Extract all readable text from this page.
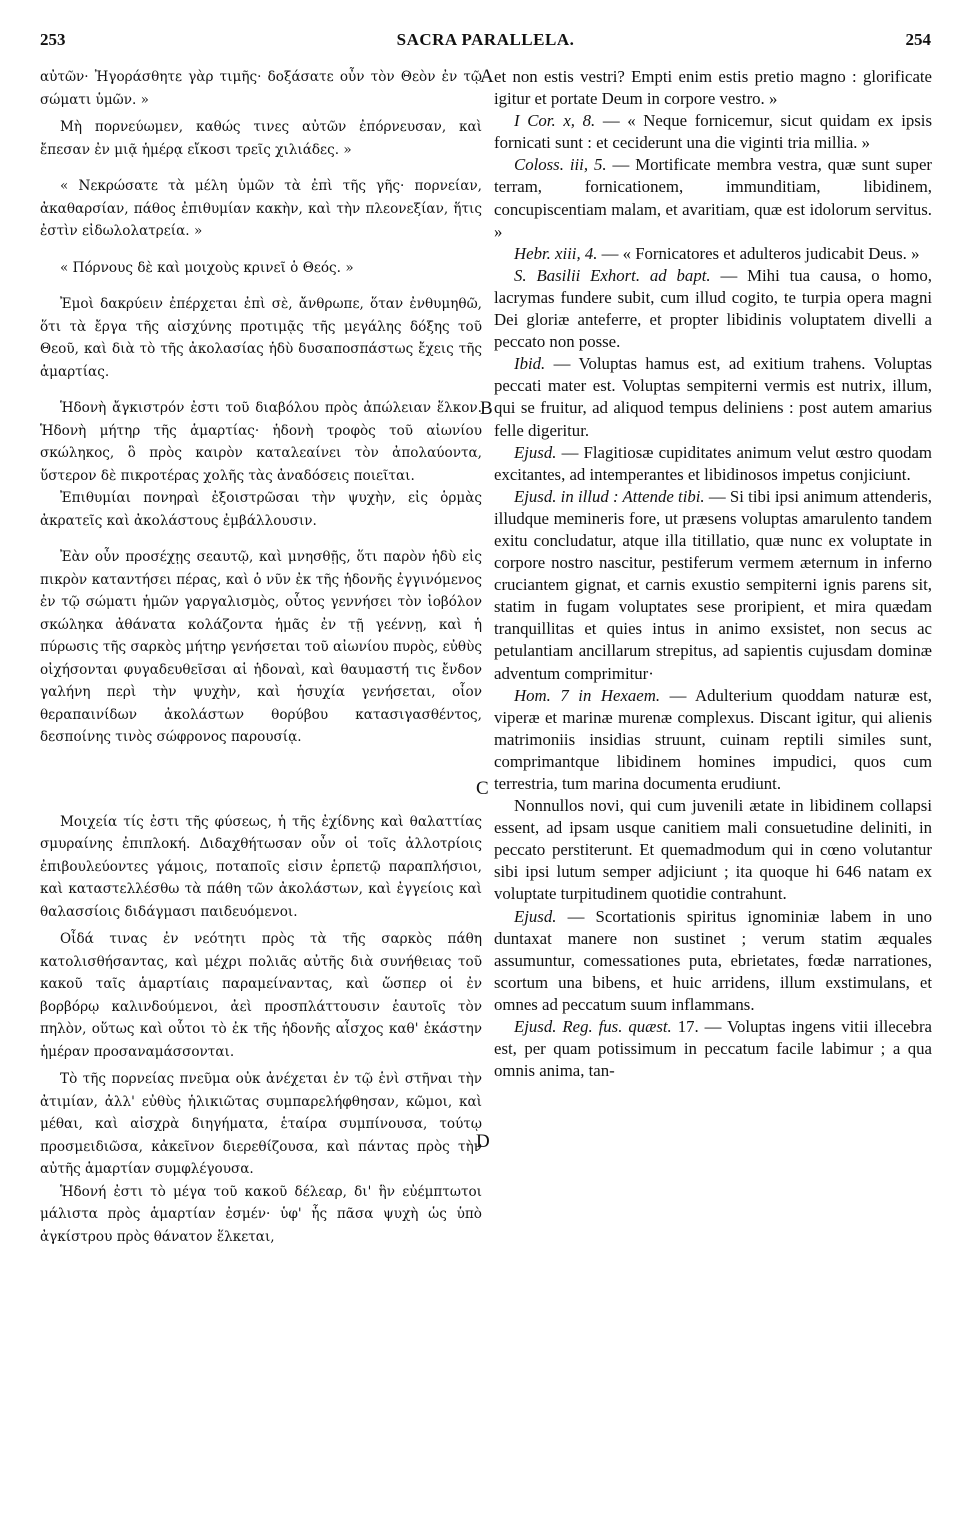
253	SACRA PARALLELA.	254

αὐτῶν· Ἠγοράσθητε γὰρ τιμῆς· δοξάσατε οὖν τὸν Θεὸν ἐν τῷ σώματι ὑμῶν. »

Μὴ πορνεύωμεν, καθώς τινες αὐτῶν ἐπόρνευσαν, καὶ ἔπεσαν ἐν μιᾷ ἡμέρᾳ εἴκοσι τρεῖς χιλιάδες. »

« Νεκρώσατε τὰ μέλη ὑμῶν τὰ ἐπὶ τῆς γῆς· πορνείαν, ἀκαθαρσίαν, πάθος ἐπιθυμίαν κακὴν, καὶ τὴν πλεονεξίαν, ἥτις ἐστὶν εἰδωλολατρεία. »

« Πόρνους δὲ καὶ μοιχοὺς κρινεῖ ὁ Θεός. »

Ἐμοὶ δακρύειν ἐπέρχεται ἐπὶ σὲ, ἄνθρωπε, ὅταν ἐνθυμηθῶ, ὅτι τὰ ἔργα τῆς αἰσχύνης προτιμᾷς τῆς μεγάλης δόξης τοῦ Θεοῦ, καὶ διὰ τὸ τῆς ἀκολασίας ἡδὺ δυσαποσπάστως ἔχεις τῆς ἁμαρτίας.

Ἡδονὴ ἄγκιστρόν ἐστι τοῦ διαβόλου πρὸς ἀπώλειαν ἕλκον. Ἡδονὴ μήτηρ τῆς ἁμαρτίας· ἡδονὴ τροφὸς τοῦ αἰωνίου σκώληκος, ὃ πρὸς καιρὸν καταλεαίνει τὸν ἀπολαύοντα, ὕστερον δὲ πικροτέρας χολῆς τὰς ἀναδόσεις ποιεῖται.

Ἐπιθυμίαι πονηραὶ ἐξοιστρῶσαι τὴν ψυχὴν, εἰς ὁρμὰς ἀκρατεῖς καὶ ἀκολάστους ἐμβάλλουσιν.

Ἐὰν οὖν προσέχῃς σεαυτῷ, καὶ μνησθῇς, ὅτι παρὸν ἡδὺ εἰς πικρὸν καταντήσει πέρας, καὶ ὁ νῦν ἐκ τῆς ἡδονῆς ἐγγινόμενος ἐν τῷ σώματι ἡμῶν γαργαλισμὸς, οὗτος γεννήσει τὸν ἰοβόλον σκώληκα ἀθάνατα κολάζοντα ἡμᾶς ἐν τῇ γεέννῃ, καὶ ἡ πύρωσις τῆς σαρκὸς μήτηρ γενήσεται τοῦ αἰωνίου πυρὸς, εὐθὺς οἰχήσονται φυγαδευθεῖσαι αἱ ἡδοναὶ, καὶ θαυμαστή τις ἔνδον γαλήνη περὶ τὴν ψυχὴν, καὶ ἡσυχία γενήσεται, οἷον θεραπαινίδων ἀκολάστων θορύβου κατασιγασθέντος, δεσποίνης τινὸς σώφρονος παρουσίᾳ.

Μοιχεία τίς ἐστι τῆς φύσεως, ἡ τῆς ἐχίδνης καὶ θαλαττίας σμυραίνης ἐπιπλοκή. Διδαχθήτωσαν οὖν οἱ τοῖς ἀλλοτρίοις ἐπιβουλεύοντες γάμοις, ποταποῖς εἰσιν ἑρπετῷ παραπλήσιοι, καὶ καταστελλέσθω τὰ πάθη τῶν ἀκολάστων, καὶ ἐγγείοις καὶ θαλασσίοις διδάγμασι παιδευόμενοι.

Οἶδά τινας ἐν νεότητι πρὸς τὰ τῆς σαρκὸς πάθη κατολισθήσαντας, καὶ μέχρι πολιᾶς αὐτῆς διὰ συνήθειας τοῦ κακοῦ ταῖς ἁμαρτίαις παραμείναντας, καὶ ὥσπερ οἱ ἐν βορβόρῳ καλινδούμενοι, ἀεὶ προσπλάττουσιν ἑαυτοῖς τὸν πηλὸν, οὕτως καὶ οὗτοι τὸ ἐκ τῆς ἡδονῆς αἶσχος καθ' ἑκάστην ἡμέραν προσαναμάσσονται.

Τὸ τῆς πορνείας πνεῦμα οὐκ ἀνέχεται ἐν τῷ ἑνὶ στῆναι τὴν ἀτιμίαν, ἀλλ' εὐθὺς ἡλικιῶτας συμπαρελήφθησαν, κῶμοι, καὶ μέθαι, καὶ αἰσχρὰ διηγήματα, ἑταίρα συμπίνουσα, τούτῳ προσμειδιῶσα, κἀκεῖνον διερεθίζουσα, καὶ πάντας πρὸς τὴν αὐτῆς ἁμαρτίαν συμφλέγουσα.

Ἡδονή ἐστι τὸ μέγα τοῦ κακοῦ δέλεαρ, δι' ἣν εὐέμπτωτοι μάλιστα πρὸς ἁμαρτίαν ἐσμέν· ὑφ' ἧς πᾶσα ψυχὴ ὡς ὑπὸ ἀγκίστρου πρὸς θάνατον ἕλκεται,

A
B
C
D

et non estis vestri? Empti enim estis pretio magno : glorificate igitur et portate Deum in corpore vestro. »

I Cor. x, 8. — « Neque fornicemur, sicut quidam ex ipsis fornicati sunt : et ceciderunt una die viginti tria millia. »

Coloss. iii, 5. — Mortificate membra vestra, quæ sunt super terram, fornicationem, immunditiam, libidinem, concupiscentiam malam, et avaritiam, quæ est idolorum servitus. »

Hebr. xiii, 4. — « Fornicatores et adulteros judicabit Deus. »

S. Basilii Exhort. ad bapt. — Mihi tua causa, o homo, lacrymas fundere subit, cum illud cogito, te turpia opera magni Dei gloriæ anteferre, et propter libidinis voluptatem divelli a peccato non posse.

Ibid. — Voluptas hamus est, ad exitium trahens. Voluptas peccati mater est. Voluptas sempiterni vermis est nutrix, illum, qui se fruitur, ad aliquod tempus deliniens : post autem amarius felle digeritur.

Ejusd. — Flagitiosæ cupiditates animum velut œstro quodam excitantes, ad intemperantes et libidinosos impetus conjiciunt.

Ejusd. in illud : Attende tibi. — Si tibi ipsi animum attenderis, illudque memineris fore, ut præsens voluptas amarulento tandem exitu concludatur, atque illa titillatio, quæ nunc ex voluptate in corpore nostro nascitur, pestiferum vermem æternum in inferno cruciantem gignat, et carnis exustio sempiterni ignis parens sit, statim in fugam voluptates sese proripient, et mira quædam tranquillitas et quies intus in animo exsistet, non secus ac petulantiam ancillarum strepitus, ad sapientis cujusdam dominæ adventum comprimitur·

Hom. 7 in Hexaem. — Adulterium quoddam naturæ est, viperæ et marinæ murenæ complexus. Discant igitur, qui alienis matrimoniis insidias struunt, cuinam reptili similes sunt, comprimantque libidinem homines impudici, quos cum terrestria, tum marina documenta erudiunt.

Nonnullos novi, qui cum juvenili ætate in libidinem collapsi essent, ad ipsam usque canitiem mali consuetudine deliniti, in peccato perstiterunt. Et quemadmodum qui in cœno volutantur sibi ipsi lutum semper adjiciunt ; ita quoque hi 646 natam ex voluptate turpitudinem quotidie contrahunt.

Ejusd. — Scortationis spiritus ignominiæ labem in uno duntaxat manere non sustinet ; verum statim æquales assumuntur, comessationes puta, ebrietates, fœdæ narrationes, scortum una bibens, et huic arridens, illum exstimulans, et omnes ad peccatum suum inflammans.

Ejusd. Reg. fus. quæst. 17. — Voluptas ingens vitii illecebra est, per quam potissimum in peccatum facile labimur ; a qua omnis anima, tan-
